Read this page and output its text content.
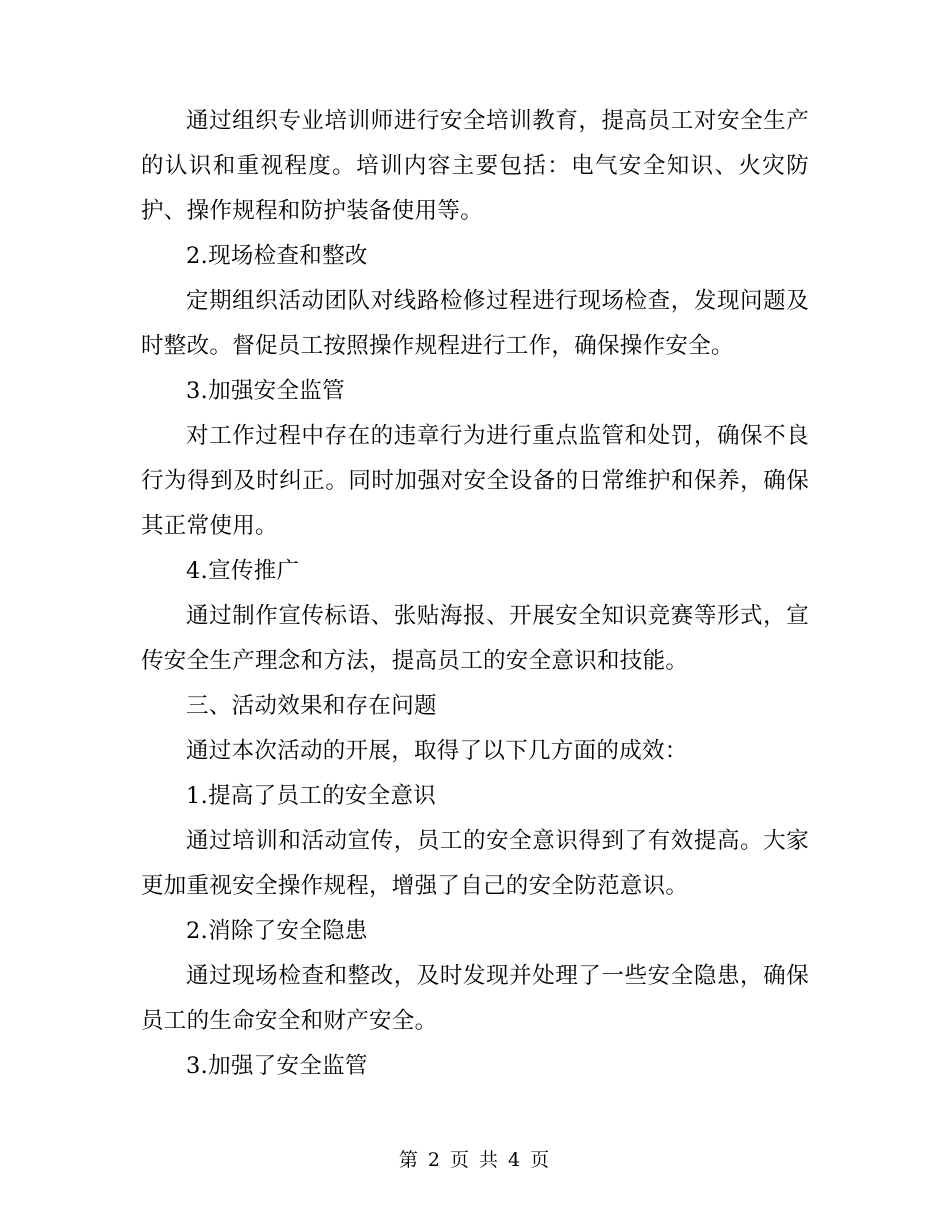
通过组织专业培训师进行安全培训教育，提高员工对安全生产的认识和重视程度。培训内容主要包括：电气安全知识、火灾防护、操作规程和防护装备使用等。

2.现场检查和整改

定期组织活动团队对线路检修过程进行现场检查，发现问题及时整改。督促员工按照操作规程进行工作，确保操作安全。

3.加强安全监管

对工作过程中存在的违章行为进行重点监管和处罚，确保不良行为得到及时纠正。同时加强对安全设备的日常维护和保养，确保其正常使用。

4.宣传推广

通过制作宣传标语、张贴海报、开展安全知识竞赛等形式，宣传安全生产理念和方法，提高员工的安全意识和技能。

三、活动效果和存在问题

通过本次活动的开展，取得了以下几方面的成效：

1.提高了员工的安全意识

通过培训和活动宣传，员工的安全意识得到了有效提高。大家更加重视安全操作规程，增强了自己的安全防范意识。

2.消除了安全隐患

通过现场检查和整改，及时发现并处理了一些安全隐患，确保员工的生命安全和财产安全。

3.加强了安全监管

第 2 页 共 4 页
